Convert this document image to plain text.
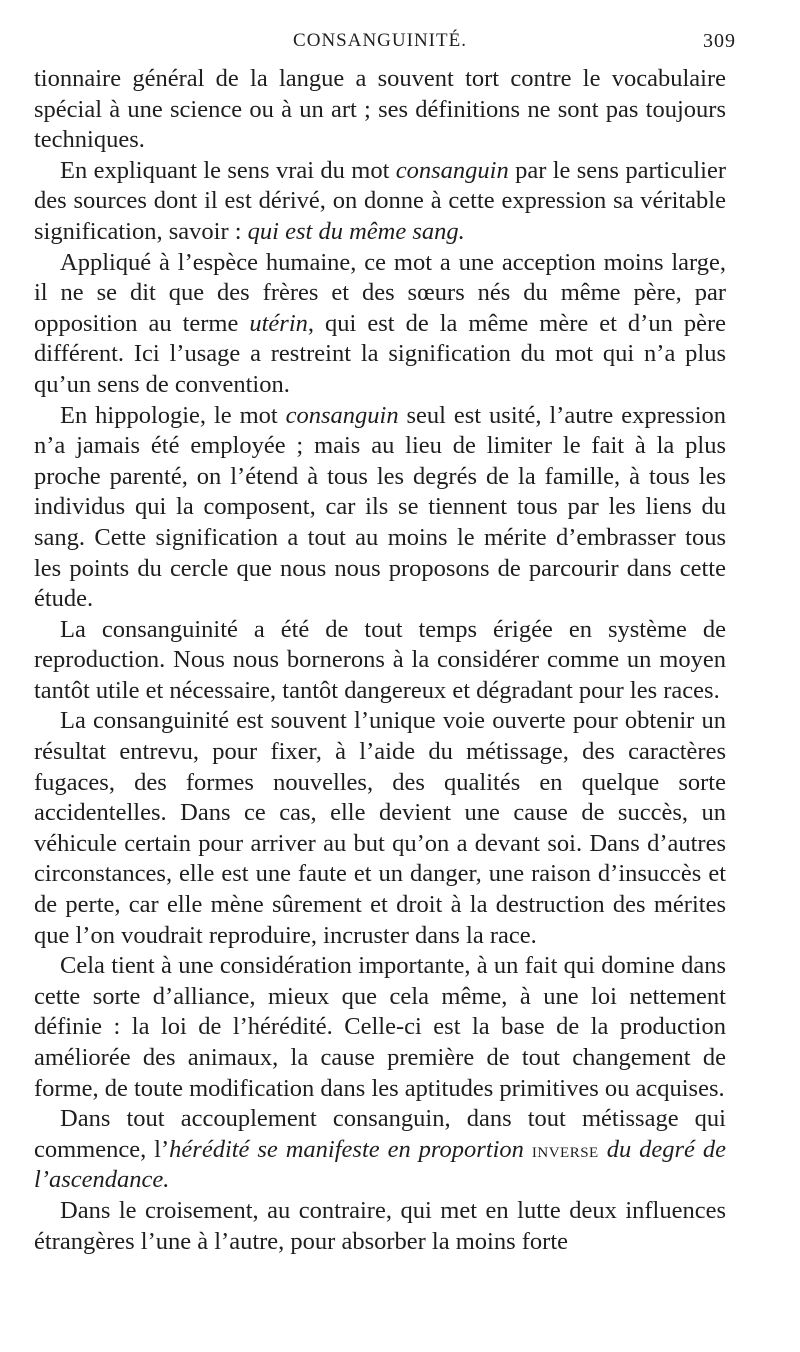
CONSANGUINITÉ.	309

tionnaire général de la langue a souvent tort contre le vocabulaire spécial à une science ou à un art ; ses définitions ne sont pas toujours techniques.

En expliquant le sens vrai du mot consanguin par le sens particulier des sources dont il est dérivé, on donne à cette expression sa véritable signification, savoir : qui est du même sang.

Appliqué à l’espèce humaine, ce mot a une acception moins large, il ne se dit que des frères et des sœurs nés du même père, par opposition au terme utérin, qui est de la même mère et d’un père différent. Ici l’usage a restreint la signification du mot qui n’a plus qu’un sens de convention.

En hippologie, le mot consanguin seul est usité, l’autre expression n’a jamais été employée ; mais au lieu de limiter le fait à la plus proche parenté, on l’étend à tous les degrés de la famille, à tous les individus qui la composent, car ils se tiennent tous par les liens du sang. Cette signification a tout au moins le mérite d’embrasser tous les points du cercle que nous nous proposons de parcourir dans cette étude.

La consanguinité a été de tout temps érigée en système de reproduction. Nous nous bornerons à la considérer comme un moyen tantôt utile et nécessaire, tantôt dangereux et dégradant pour les races.

La consanguinité est souvent l’unique voie ouverte pour obtenir un résultat entrevu, pour fixer, à l’aide du métissage, des caractères fugaces, des formes nouvelles, des qualités en quelque sorte accidentelles. Dans ce cas, elle devient une cause de succès, un véhicule certain pour arriver au but qu’on a devant soi. Dans d’autres circonstances, elle est une faute et un danger, une raison d’insuccès et de perte, car elle mène sûrement et droit à la destruction des mérites que l’on voudrait reproduire, incruster dans la race.

Cela tient à une considération importante, à un fait qui domine dans cette sorte d’alliance, mieux que cela même, à une loi nettement définie : la loi de l’hérédité. Celle-ci est la base de la production améliorée des animaux, la cause première de tout changement de forme, de toute modification dans les aptitudes primitives ou acquises.

Dans tout accouplement consanguin, dans tout métissage qui commence, l’hérédité se manifeste en proportion inverse du degré de l’ascendance.

Dans le croisement, au contraire, qui met en lutte deux influences étrangères l’une à l’autre, pour absorber la moins forte
